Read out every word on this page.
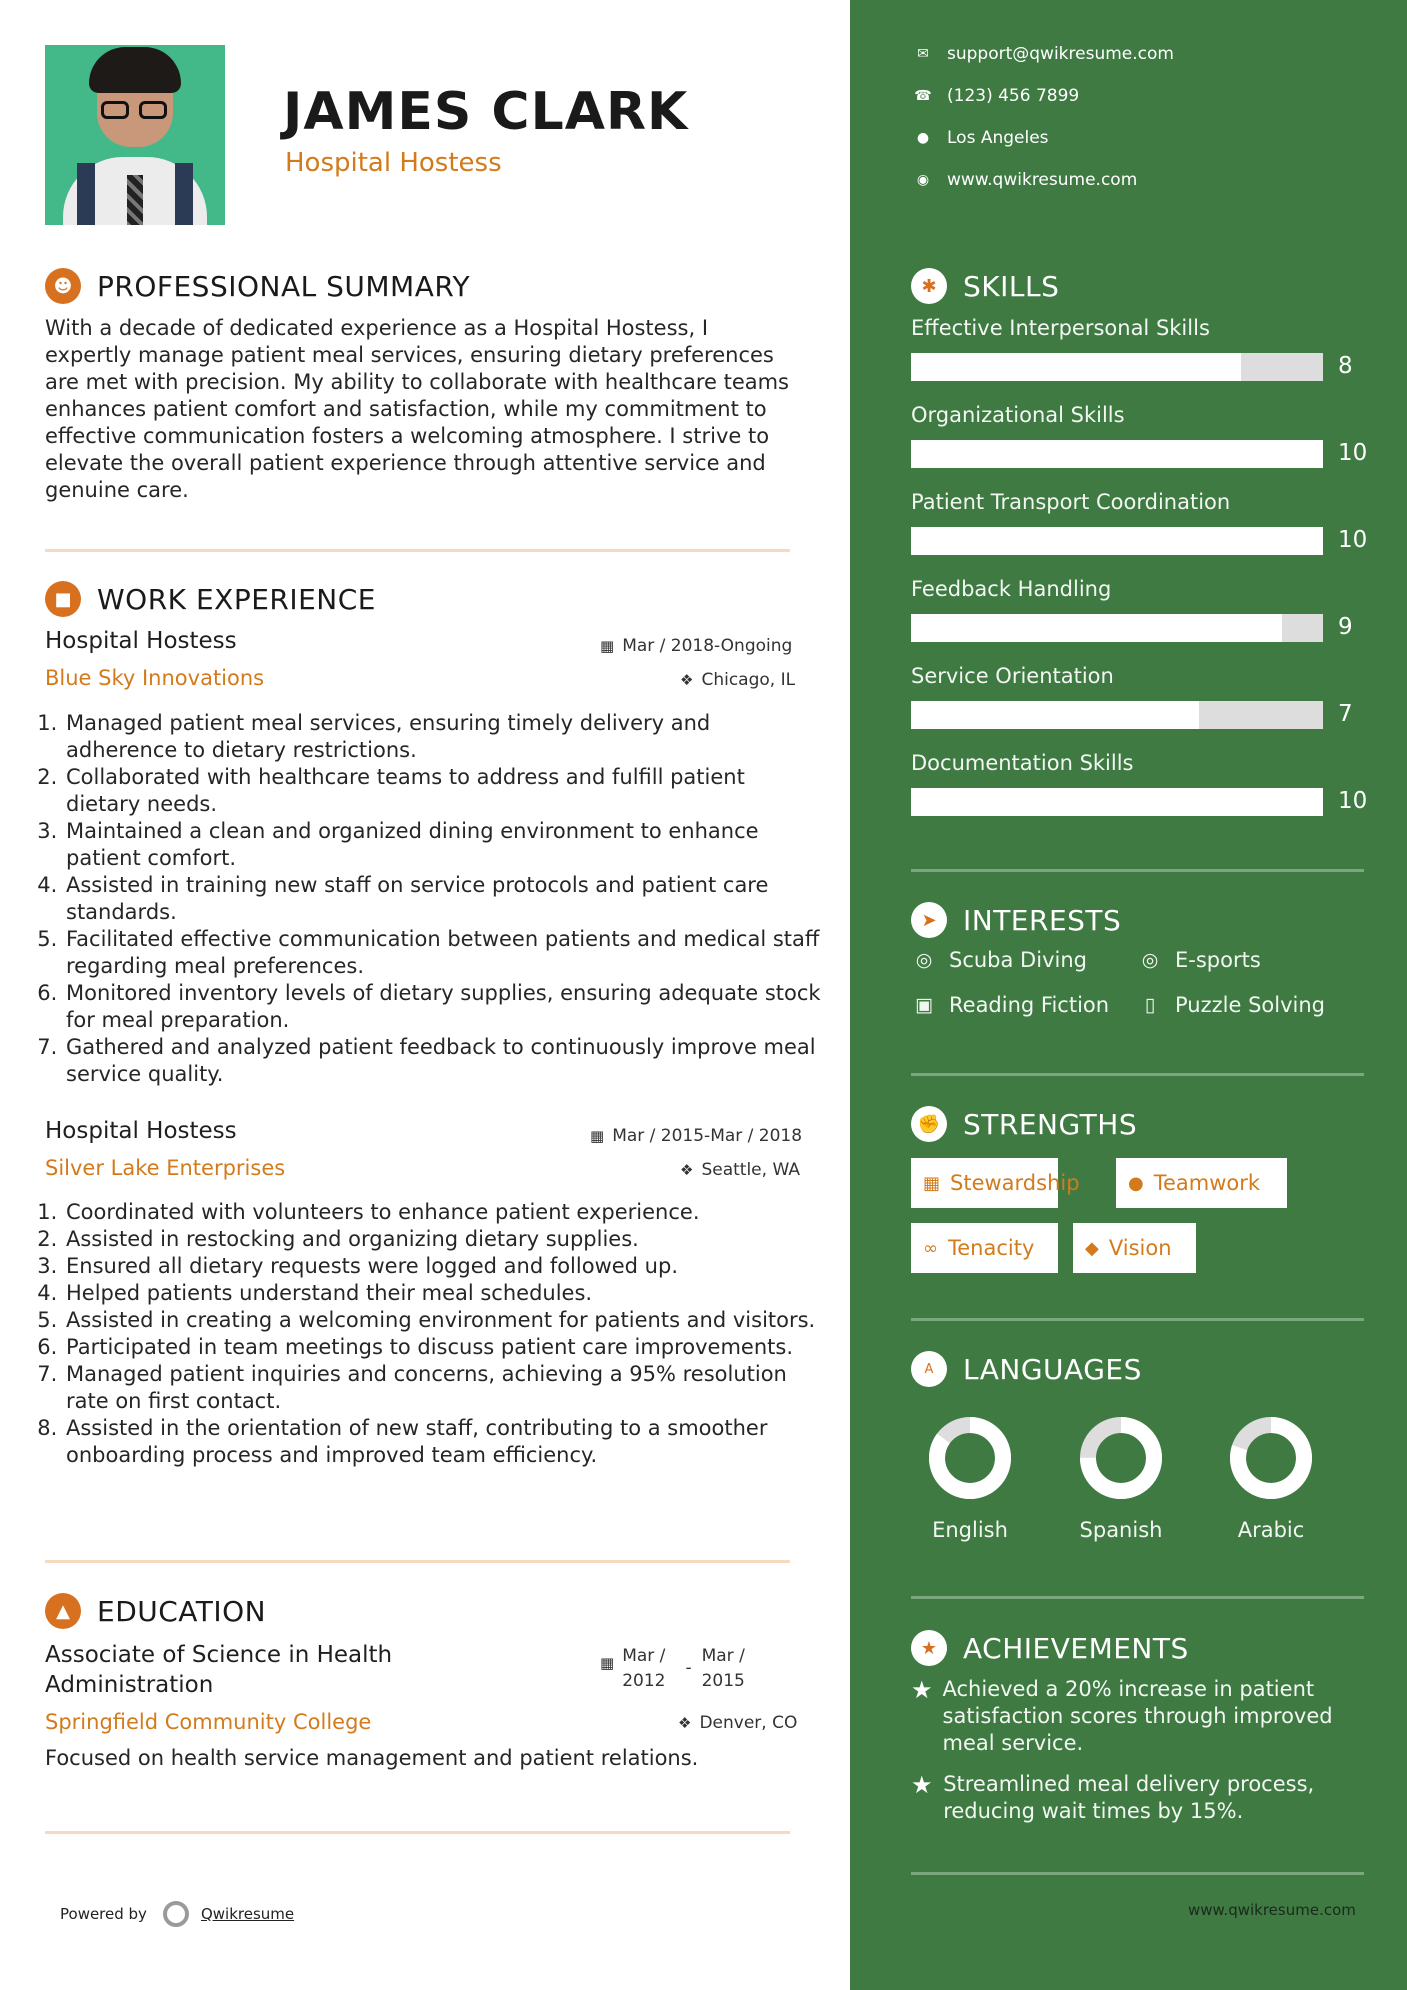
JAMES CLARK
Hospital Hostess
☻ PROFESSIONAL SUMMARY

With a decade of dedicated experience as a Hospital Hostess, I expertly manage patient meal services, ensuring dietary preferences are met with precision. My ability to collaborate with healthcare teams enhances patient comfort and satisfaction, while my commitment to effective communication fosters a welcoming atmosphere. I strive to elevate the overall patient experience through attentive service and genuine care.

■ WORK EXPERIENCE
Hospital Hostess
Blue Sky Innovations
▦ Mar / 2018-Ongoing
❖ Chicago, IL
1. Managed patient meal services, ensuring timely delivery and adherence to dietary restrictions.
2. Collaborated with healthcare teams to address and fulfill patient dietary needs.
3. Maintained a clean and organized dining environment to enhance patient comfort.
4. Assisted in training new staff on service protocols and patient care standards.
5. Facilitated effective communication between patients and medical staff regarding meal preferences.
6. Monitored inventory levels of dietary supplies, ensuring adequate stock for meal preparation.
7. Gathered and analyzed patient feedback to continuously improve meal service quality.
Hospital Hostess
Silver Lake Enterprises
▦ Mar / 2015-Mar / 2018
❖ Seattle, WA
1. Coordinated with volunteers to enhance patient experience.
2. Assisted in restocking and organizing dietary supplies.
3. Ensured all dietary requests were logged and followed up.
4. Helped patients understand their meal schedules.
5. Assisted in creating a welcoming environment for patients and visitors.
6. Participated in team meetings to discuss patient care improvements.
7. Managed patient inquiries and concerns, achieving a 95% resolution rate on first contact.
8. Assisted in the orientation of new staff, contributing to a smoother onboarding process and improved team efficiency.
▲ EDUCATION
Associate of Science in Health
Administration
▦ Mar /
2012
-
Mar /
2015
Springfield Community College	❖ Denver, CO

Focused on health service management and patient relations.

Powered by	Qwikresume
✉	support@qwikresume.com
☎ (123) 456 7899
●	Los Angeles
◉	www.qwikresume.com
✱ SKILLS
Effective Interpersonal Skills
8
Organizational Skills
10
Patient Transport Coordination
10
Feedback Handling
9
Service Orientation
7
Documentation Skills
10
➤ INTERESTS
◎ Scuba Diving	◎ E-sports
▣ Reading Fiction	▯ Puzzle Solving
✊ STRENGTHS
▦ Stewardship	● Teamwork
∞ Tenacity	◆ Vision
A	LANGUAGES
English	Spanish	Arabic
★ ACHIEVEMENTS
★ Achieved a 20% increase in patient satisfaction scores through improved meal service.
★ Streamlined meal delivery process, reducing wait times by 15%.
www.qwikresume.com
